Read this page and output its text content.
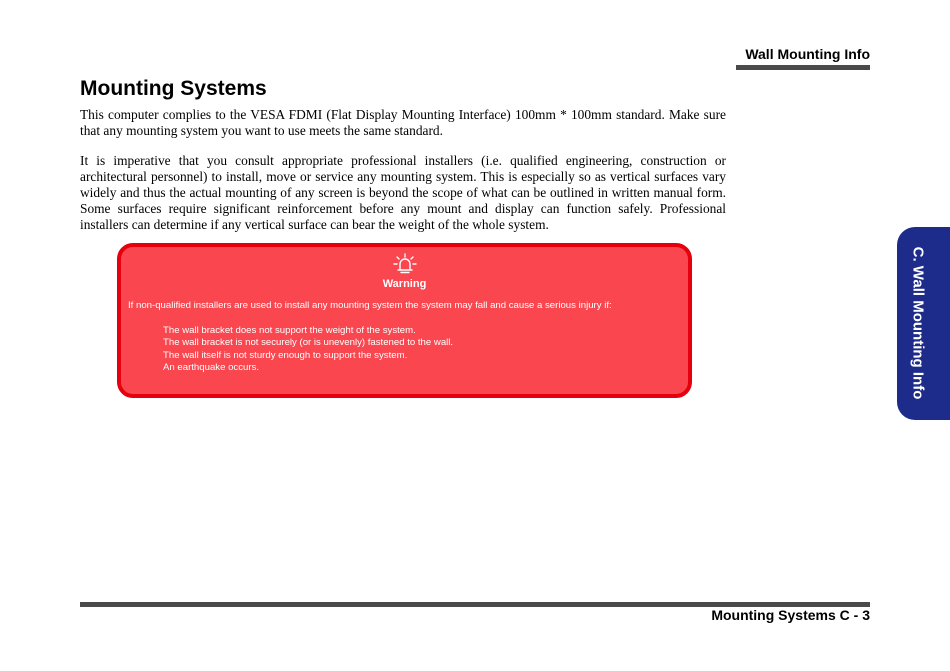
Wall Mounting Info
Mounting Systems

This computer complies to the VESA FDMI (Flat Display Mounting Interface) 100mm * 100mm standard. Make sure that any mounting system you want to use meets the same standard.

It is imperative that you consult appropriate professional installers (i.e. qualified engineering, construction or architectural personnel) to install, move or service any mounting system. This is especially so as vertical surfaces vary widely and thus the actual mounting of any screen is beyond the scope of what can be outlined in written manual form. Some surfaces require significant reinforcement before any mount and display can function safely. Professional installers can determine if any vertical surface can bear the weight of the whole system.

Warning
If non-qualified installers are used to install any mounting system the system may fall and cause a serious injury if:
The wall bracket does not support the weight of the system.
The wall bracket is not securely (or is unevenly) fastened to the wall.
The wall itself is not sturdy enough to support the system.
An earthquake occurs.	C. Wall Mounting Info
Mounting Systems C - 3
